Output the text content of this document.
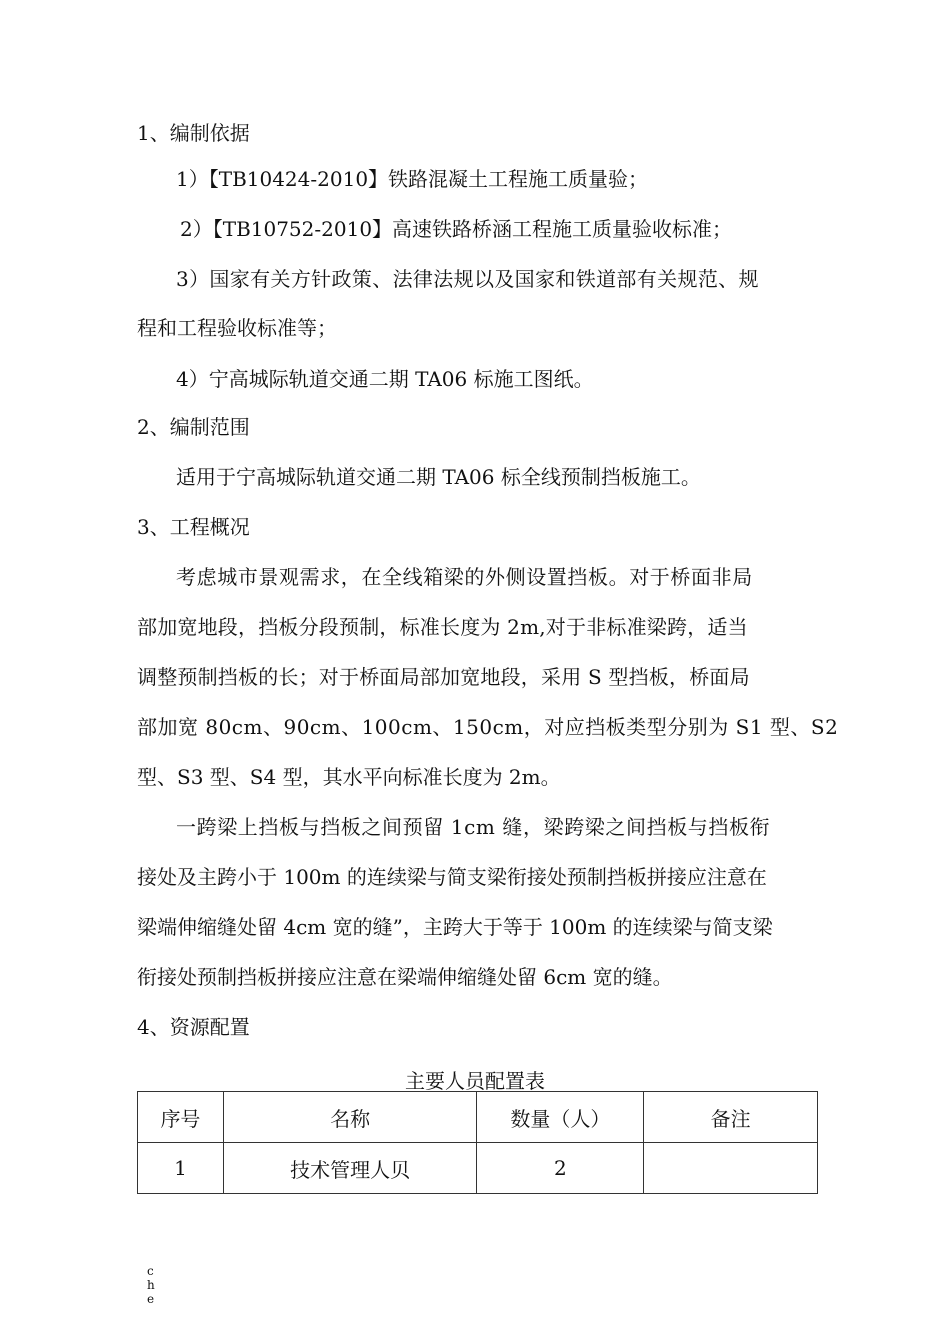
1、编制依据
1）【TB10424-2010】铁路混凝土工程施工质量验；
2）【TB10752-2010】高速铁路桥涵工程施工质量验收标准；
3）国家有关方针政策、法律法规以及国家和铁道部有关规范、规
程和工程验收标准等；
4）宁高城际轨道交通二期 TA06 标施工图纸。
2、编制范围
适用于宁高城际轨道交通二期 TA06 标全线预制挡板施工。
3、工程概况
考虑城市景观需求，在全线箱梁的外侧设置挡板。对于桥面非局
部加宽地段，挡板分段预制，标准长度为 2m,对于非标准梁跨，适当
调整预制挡板的长；对于桥面局部加宽地段，采用 S 型挡板，桥面局
部加宽 80cm、90cm、100cm、150cm，对应挡板类型分别为 S1 型、S2
型、S3 型、S4 型，其水平向标准长度为 2m。
一跨梁上挡板与挡板之间预留 1cm 缝，梁跨梁之间挡板与挡板衔
接处及主跨小于 100m 的连续梁与简支梁衔接处预制挡板拼接应注意在
梁端伸缩缝处留 4cm 宽的缝”，主跨大于等于 100m 的连续梁与简支梁
衔接处预制挡板拼接应注意在梁端伸缩缝处留 6cm 宽的缝。
4、资源配置
主要人员配置表
序号	名称	数量（人）	备注
1	技术管理人贝	2	
che
